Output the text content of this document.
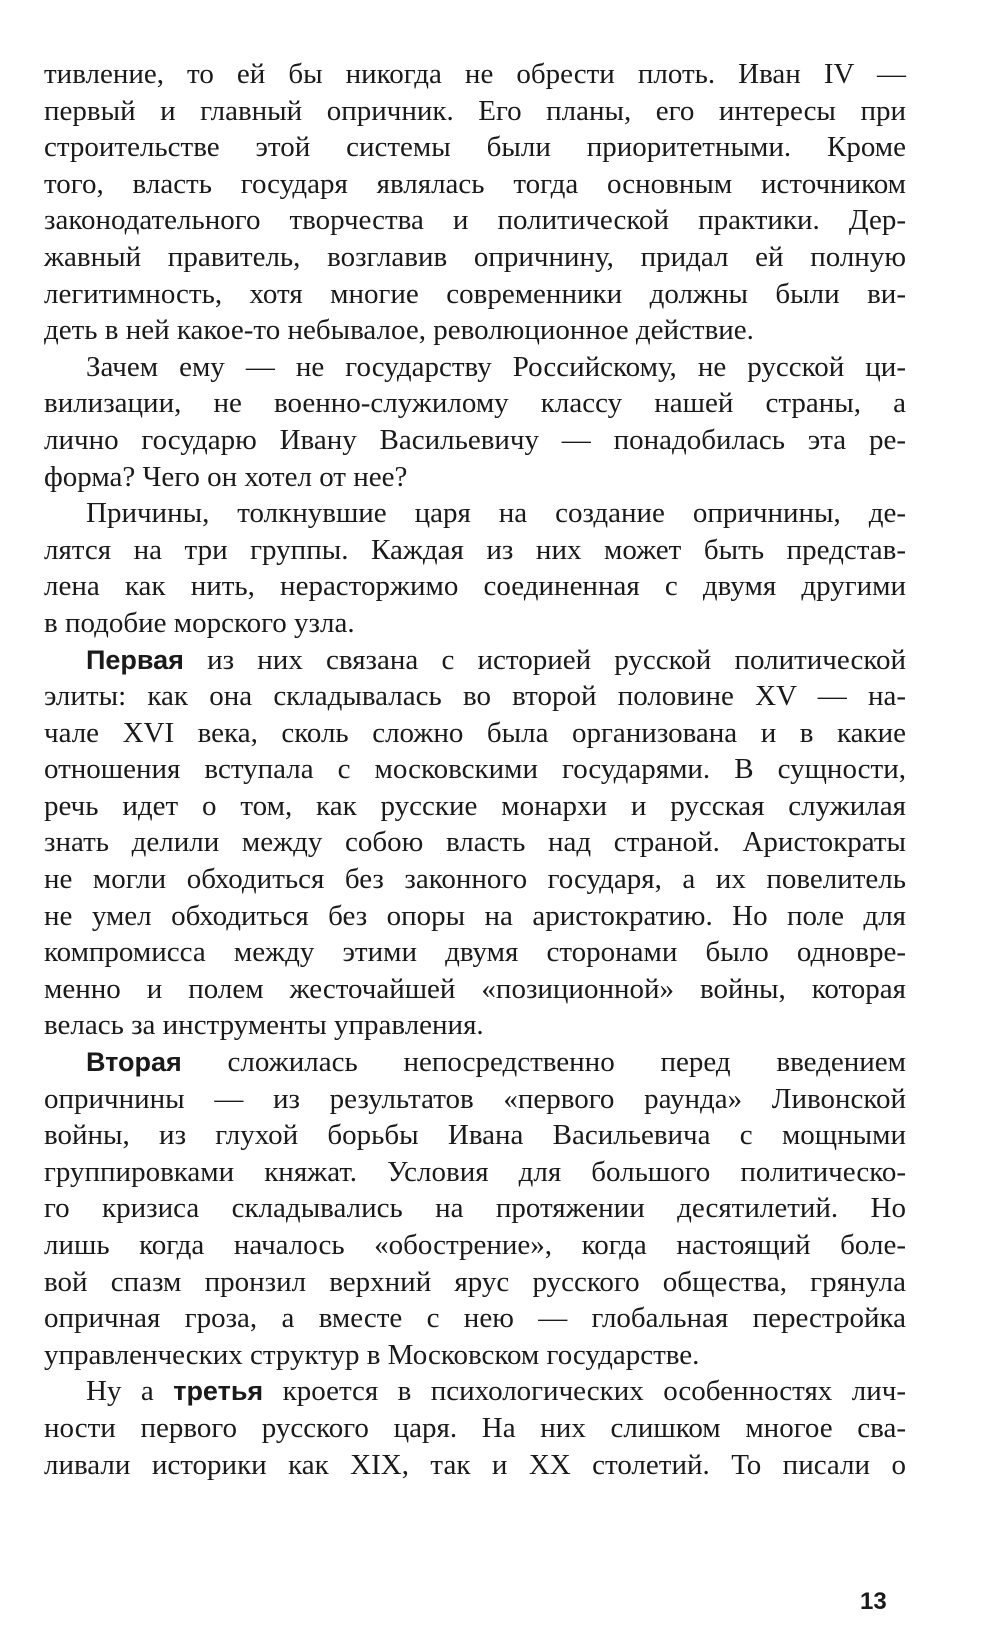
тивление, то ей бы никогда не обрести плоть. Иван IV —
первый и главный опричник. Его планы, его интересы при
строительстве этой системы были приоритетными. Кроме
того, власть государя являлась тогда основным источником
законодательного творчества и политической практики. Дер-
жавный правитель, возглавив опричнину, придал ей полную
легитимность, хотя многие современники должны были ви-
деть в ней какое-то небывалое, революционное действие.
Зачем ему — не государству Российскому, не русской ци-
вилизации, не военно-служилому классу нашей страны, а
лично государю Ивану Васильевичу — понадобилась эта ре-
форма? Чего он хотел от нее?
Причины, толкнувшие царя на создание опричнины, де-
лятся на три группы. Каждая из них может быть представ-
лена как нить, нерасторжимо соединенная с двумя другими
в подобие морского узла.
Первая из них связана с историей русской политической
элиты: как она складывалась во второй половине XV — на-
чале XVI века, сколь сложно была организована и в какие
отношения вступала с московскими государями. В сущности,
речь идет о том, как русские монархи и русская служилая
знать делили между собою власть над страной. Аристократы
не могли обходиться без законного государя, а их повелитель
не умел обходиться без опоры на аристократию. Но поле для
компромисса между этими двумя сторонами было одновре-
менно и полем жесточайшей «позиционной» войны, которая
велась за инструменты управления.
Вторая сложилась непосредственно перед введением
опричнины — из результатов «первого раунда» Ливонской
войны, из глухой борьбы Ивана Васильевича с мощными
группировками княжат. Условия для большого политическо-
го кризиса складывались на протяжении десятилетий. Но
лишь когда началось «обострение», когда настоящий боле-
вой спазм пронзил верхний ярус русского общества, грянула
опричная гроза, а вместе с нею — глобальная перестройка
управленческих структур в Московском государстве.
Ну а третья кроется в психологических особенностях лич-
ности первого русского царя. На них слишком многое сва-
ливали историки как XIX, так и XX столетий. То писали о
13
